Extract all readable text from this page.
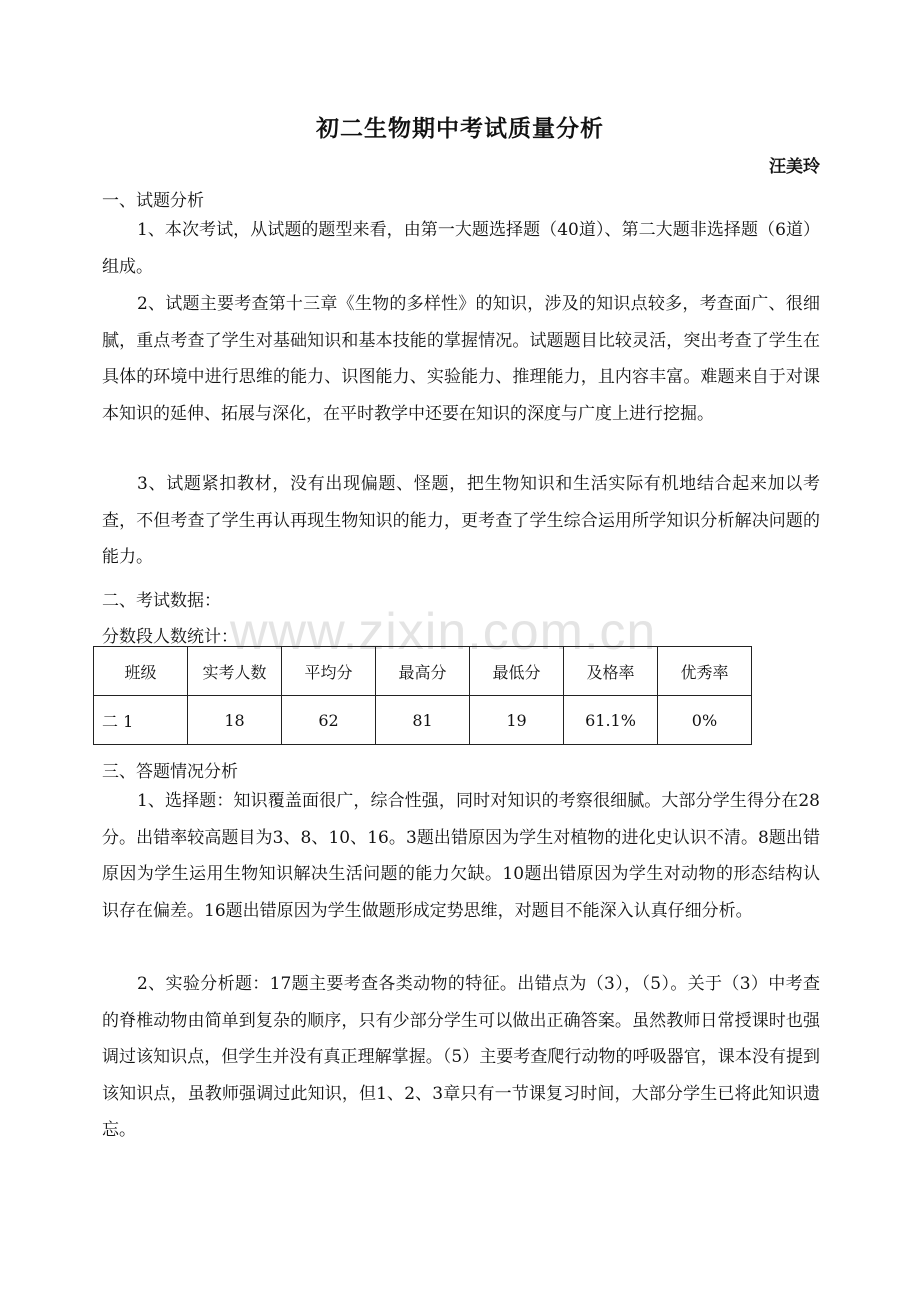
www.zixin.com.cn
初二生物期中考试质量分析
汪美玲
一、试题分析
1、本次考试，从试题的题型来看，由第一大题选择题（40道）、第二大题非选择题（6道）组成。
2、试题主要考查第十三章《生物的多样性》的知识，涉及的知识点较多，考查面广、很细腻，重点考查了学生对基础知识和基本技能的掌握情况。试题题目比较灵活，突出考查了学生在具体的环境中进行思维的能力、识图能力、实验能力、推理能力，且内容丰富。难题来自于对课本知识的延伸、拓展与深化，在平时教学中还要在知识的深度与广度上进行挖掘。
3、试题紧扣教材，没有出现偏题、怪题，把生物知识和生活实际有机地结合起来加以考查，不但考查了学生再认再现生物知识的能力，更考查了学生综合运用所学知识分析解决问题的能力。
二、考试数据：
分数段人数统计：
班级	实考人数	平均分	最高分	最低分	及格率	优秀率
二 1	18	62	81	19	61.1%	0%
三、答题情况分析
1、选择题：知识覆盖面很广，综合性强，同时对知识的考察很细腻。大部分学生得分在28分。出错率较高题目为3、8、10、16。3题出错原因为学生对植物的进化史认识不清。8题出错原因为学生运用生物知识解决生活问题的能力欠缺。10题出错原因为学生对动物的形态结构认识存在偏差。16题出错原因为学生做题形成定势思维，对题目不能深入认真仔细分析。
2、实验分析题：17题主要考查各类动物的特征。出错点为（3），（5）。关于（3）中考查的脊椎动物由简单到复杂的顺序，只有少部分学生可以做出正确答案。虽然教师日常授课时也强调过该知识点，但学生并没有真正理解掌握。（5）主要考查爬行动物的呼吸器官，课本没有提到该知识点，虽教师强调过此知识，但1、2、3章只有一节课复习时间，大部分学生已将此知识遗忘。
